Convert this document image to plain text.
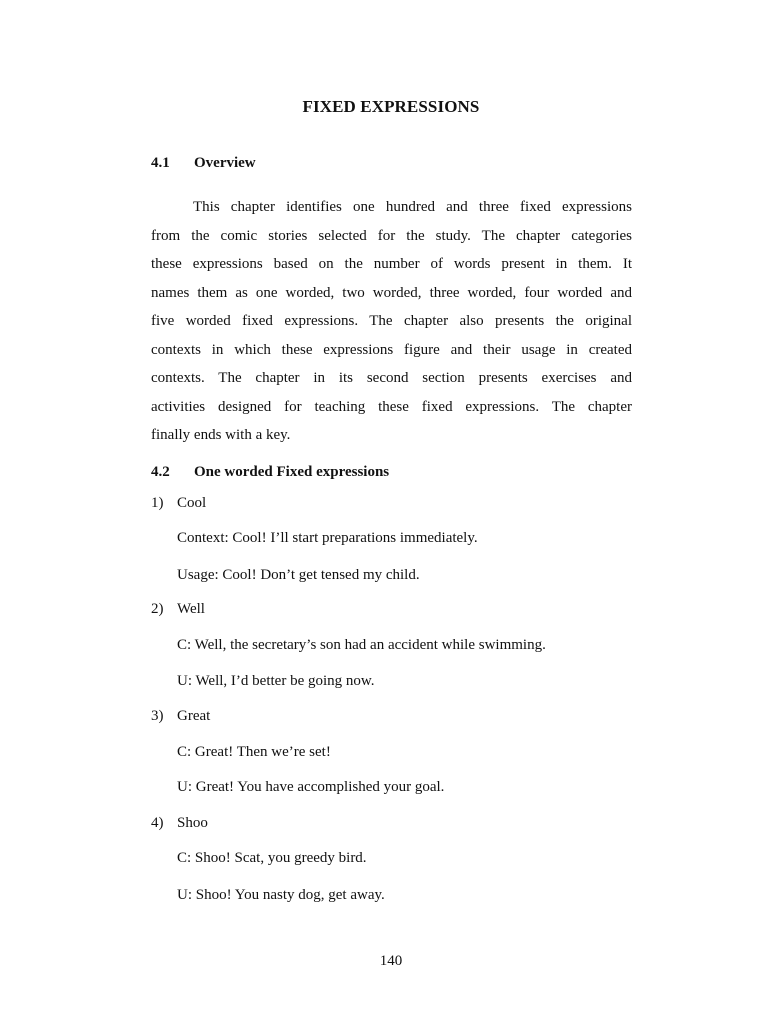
FIXED EXPRESSIONS
4.1 Overview
This chapter identifies one hundred and three fixed expressions
from the comic stories selected for the study. The chapter categories
these expressions based on the number of words present in them. It
names them as one worded, two worded, three worded, four worded and
five worded fixed expressions. The chapter also presents the original
contexts in which these expressions figure and their usage in created
contexts. The chapter in its second section presents exercises and
activities designed for teaching these fixed expressions. The chapter
finally ends with a key.
4.2 One worded Fixed expressions
1) Cool
Context: Cool! I’ll start preparations immediately.
Usage: Cool! Don’t get tensed my child.
2) Well
C: Well, the secretary’s son had an accident while swimming.
U: Well, I’d better be going now.
3) Great
C: Great! Then we’re set!
U: Great! You have accomplished your goal.
4) Shoo
C: Shoo! Scat, you greedy bird.
U: Shoo! You nasty dog, get away.
140
